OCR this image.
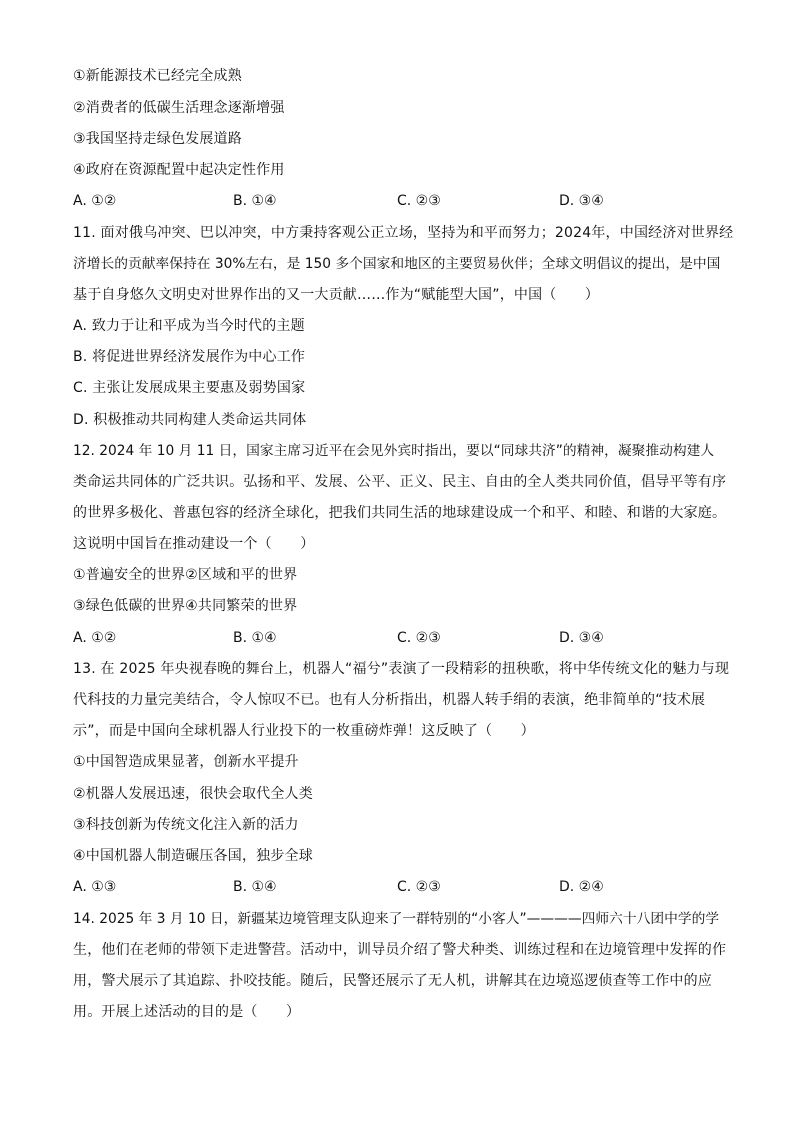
①新能源技术已经完全成熟
②消费者的低碳生活理念逐渐增强
③我国坚持走绿色发展道路
④政府在资源配置中起决定性作用
A. ①②	B. ①④	C. ②③	D. ③④
11. 面对俄乌冲突、巴以冲突，中方秉持客观公正立场，坚持为和平而努力；2024年，中国经济对世界经
济增长的贡献率保持在 30%左右，是 150 多个国家和地区的主要贸易伙伴；全球文明倡议的提出，是中国
基于自身悠久文明史对世界作出的又一大贡献……作为“赋能型大国”，中国（　　）
A. 致力于让和平成为当今时代的主题
B. 将促进世界经济发展作为中心工作
C. 主张让发展成果主要惠及弱势国家
D. 积极推动共同构建人类命运共同体
12. 2024 年 10 月 11 日，国家主席习近平在会见外宾时指出，要以“同球共济”的精神，凝聚推动构建人
类命运共同体的广泛共识。弘扬和平、发展、公平、正义、民主、自由的全人类共同价值，倡导平等有序
的世界多极化、普惠包容的经济全球化，把我们共同生活的地球建设成一个和平、和睦、和谐的大家庭。
这说明中国旨在推动建设一个（　　）
①普遍安全的世界②区域和平的世界
③绿色低碳的世界④共同繁荣的世界
A. ①②	B. ①④	C. ②③	D. ③④
13. 在 2025 年央视春晚的舞台上，机器人“福兮”表演了一段精彩的扭秧歌，将中华传统文化的魅力与现
代科技的力量完美结合，令人惊叹不已。也有人分析指出，机器人转手绢的表演，绝非简单的“技术展
示”，而是中国向全球机器人行业投下的一枚重磅炸弹！这反映了（　　）
①中国智造成果显著，创新水平提升
②机器人发展迅速，很快会取代全人类
③科技创新为传统文化注入新的活力
④中国机器人制造碾压各国，独步全球
A. ①③	B. ①④	C. ②③	D. ②④
14. 2025 年 3 月 10 日，新疆某边境管理支队迎来了一群特别的“小客人”————四师六十八团中学的学
生，他们在老师的带领下走进警营。活动中，训导员介绍了警犬种类、训练过程和在边境管理中发挥的作
用，警犬展示了其追踪、扑咬技能。随后，民警还展示了无人机，讲解其在边境巡逻侦查等工作中的应
用。开展上述活动的目的是（　　）
